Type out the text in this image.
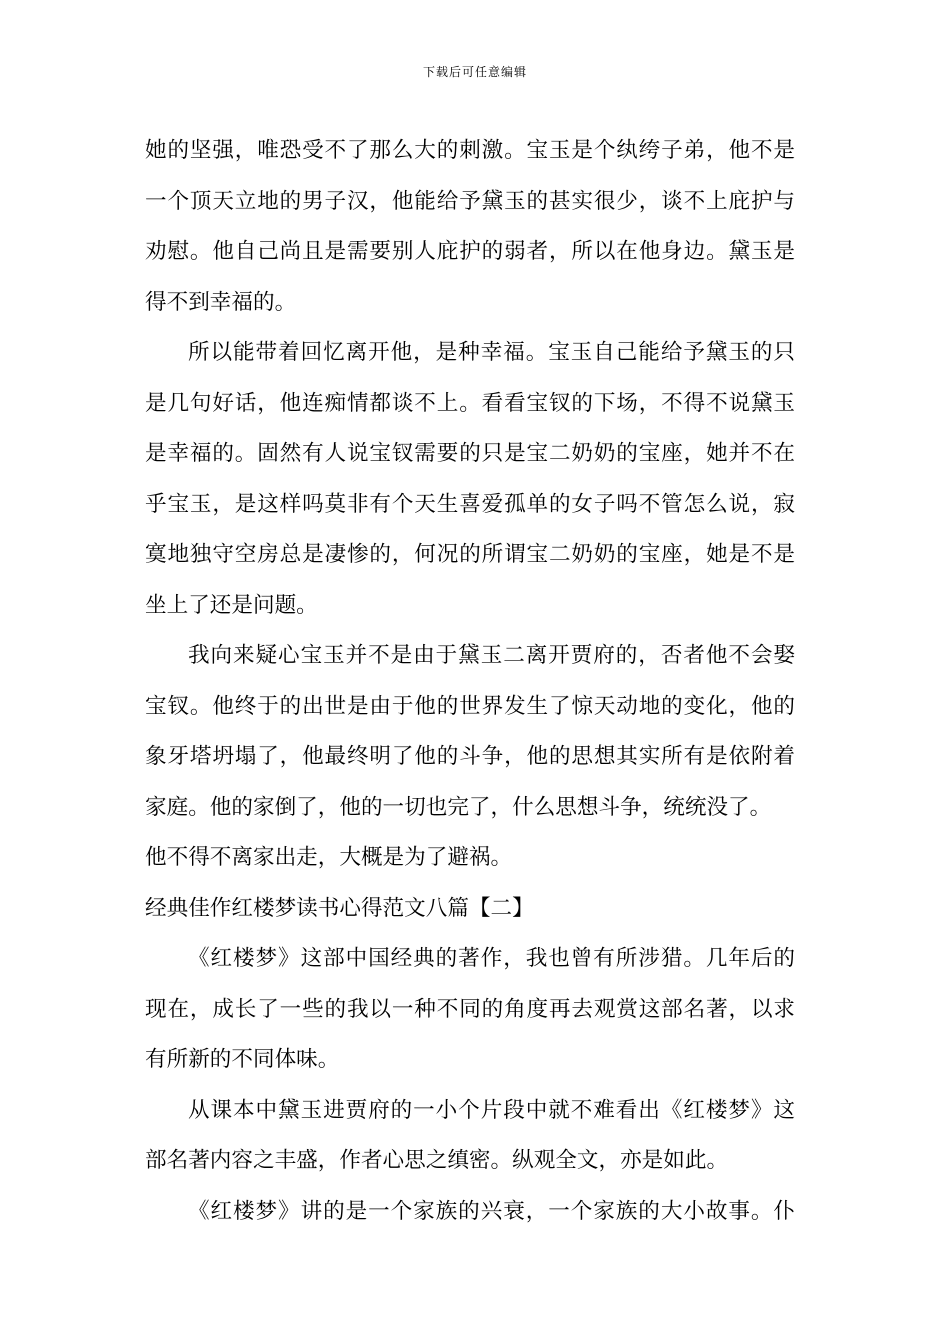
下载后可任意编辑
她的坚强，唯恐受不了那么大的刺激。宝玉是个纨绔子弟，他不是
一个顶天立地的男子汉，他能给予黛玉的甚实很少，谈不上庇护与
劝慰。他自己尚且是需要别人庇护的弱者，所以在他身边。黛玉是
得不到幸福的。
所以能带着回忆离开他，是种幸福。宝玉自己能给予黛玉的只
是几句好话，他连痴情都谈不上。看看宝钗的下场，不得不说黛玉
是幸福的。固然有人说宝钗需要的只是宝二奶奶的宝座，她并不在
乎宝玉，是这样吗莫非有个天生喜爱孤单的女子吗不管怎么说，寂
寞地独守空房总是凄惨的，何况的所谓宝二奶奶的宝座，她是不是
坐上了还是问题。
我向来疑心宝玉并不是由于黛玉二离开贾府的，否者他不会娶
宝钗。他终于的出世是由于他的世界发生了惊天动地的变化，他的
象牙塔坍塌了，他最终明了他的斗争，他的思想其实所有是依附着
家庭。他的家倒了，他的一切也完了，什么思想斗争，统统没了。
他不得不离家出走，大概是为了避祸。
经典佳作红楼梦读书心得范文八篇【二】
《红楼梦》这部中国经典的著作，我也曾有所涉猎。几年后的
现在，成长了一些的我以一种不同的角度再去观赏这部名著，以求
有所新的不同体味。
从课本中黛玉进贾府的一小个片段中就不难看出《红楼梦》这
部名著内容之丰盛，作者心思之缜密。纵观全文，亦是如此。
《红楼梦》讲的是一个家族的兴衰，一个家族的大小故事。仆
